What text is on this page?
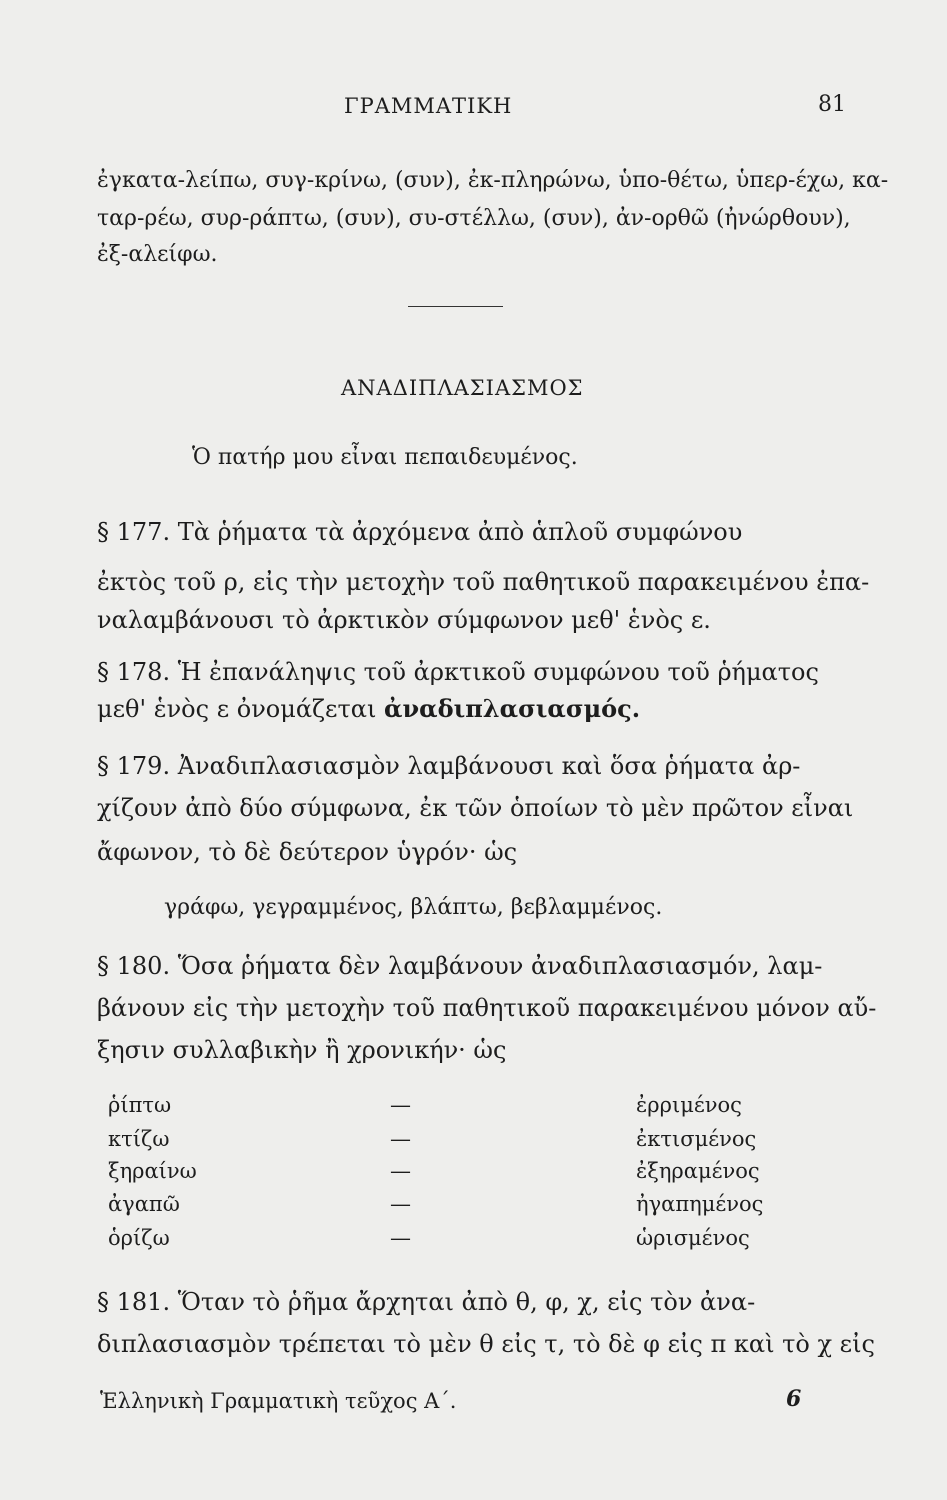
ΓΡΑΜΜΑΤΙΚΗ	81
ἐγκατα-λείπω, συγ-κρίνω, (συν), ἐκ-πληρώνω, ὑπο-θέτω, ὑπερ-έχω, κα-
ταρ-ρέω, συρ-ράπτω, (συν), συ-στέλλω, (συν), ἀν-ορθῶ (ἠνώρθουν),
ἐξ-αλείφω.
ΑΝΑΔΙΠΛΑΣΙΑΣΜΟΣ
Ὁ πατήρ μου εἶναι πεπαιδευμένος.
§ 177. Τὰ ῥήματα τὰ ἀρχόμενα ἀπὸ ἁπλοῦ συμφώνου
ἐκτὸς τοῦ ρ, εἰς τὴν μετοχὴν τοῦ παθητικοῦ παρακειμένου ἐπα-
ναλαμβάνουσι τὸ ἀρκτικὸν σύμφωνον μεθ' ἑνὸς ε.
§ 178. Ἡ ἐπανάληψις τοῦ ἀρκτικοῦ συμφώνου τοῦ ῥήματος
μεθ' ἑνὸς ε ὀνομάζεται ἀναδιπλασιασμός.
§ 179. Ἀναδιπλασιασμὸν λαμβάνουσι καὶ ὅσα ῥήματα ἀρ-
χίζουν ἀπὸ δύο σύμφωνα, ἐκ τῶν ὁποίων τὸ μὲν πρῶτον εἶναι
ἄφωνον, τὸ δὲ δεύτερον ὑγρόν· ὡς
γράφω, γεγραμμένος, βλάπτω, βεβλαμμένος.
§ 180. Ὅσα ῥήματα δὲν λαμβάνουν ἀναδιπλασιασμόν, λαμ-
βάνουν εἰς τὴν μετοχὴν τοῦ παθητικοῦ παρακειμένου μόνον αὔ-
ξησιν συλλαβικὴν ἢ χρονικήν· ὡς
ῥίπτω	—	ἐρριμένος
κτίζω	—	ἐκτισμένος
ξηραίνω	—	ἐξηραμένος
ἀγαπῶ	—	ἠγαπημένος
ὁρίζω	—	ὡρισμένος
§ 181. Ὅταν τὸ ῥῆμα ἄρχηται ἀπὸ θ, φ, χ, εἰς τὸν ἀνα-
διπλασιασμὸν τρέπεται τὸ μὲν θ εἰς τ, τὸ δὲ φ εἰς π καὶ τὸ χ εἰς
Ἑλληνικὴ Γραμματικὴ τεῦχος Α΄.	6
